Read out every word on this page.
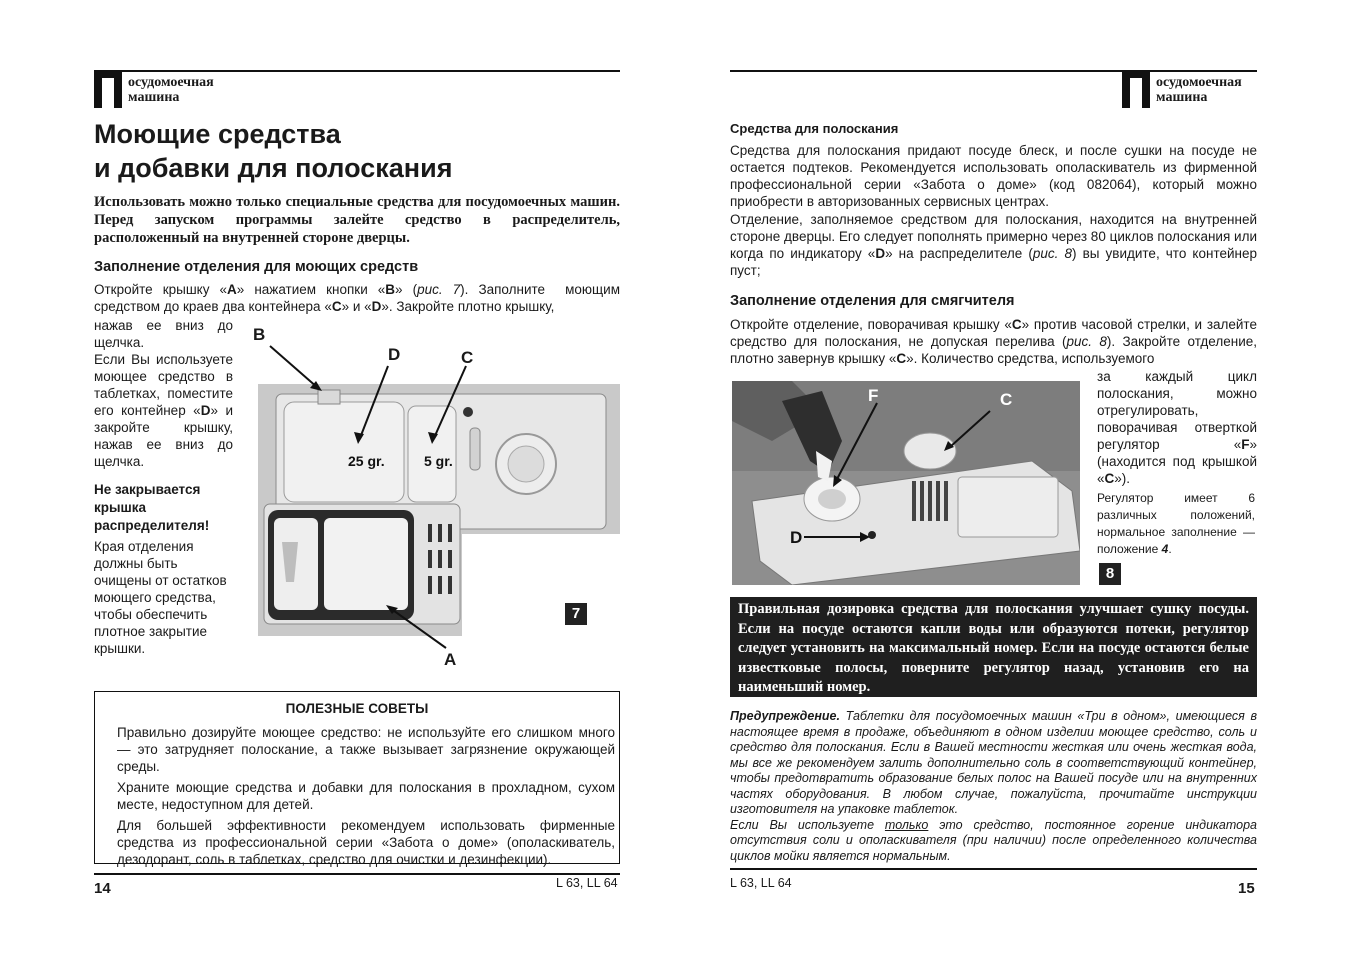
осудомоечная
машина
Моющие средства
и добавки для полоскания
Использовать можно только специальные средства для посудомоечных машин. Перед запуском программы залейте средство в распределитель, расположенный на внутренней стороне дверцы.
Заполнение отделения для моющих средств
Откройте крышку «A» нажатием кнопки «B» (рис. 7). Заполните  моющим средством до краев два контейнера «C» и «D». Закройте плотно крышку,
нажав ее вниз до щелчка.
Если Вы используете моющее средство в таблетках, поместите его контейнер «D» и закройте крышку, нажав ее вниз до щелчка.
Не закрывается крышка распределителя!
Края отделения должны быть очищены от остатков моющего средства, чтобы обеспечить плотное закрытие крышки.
25 gr.	5 gr.
B
D	C
A
7
ПОЛЕЗНЫЕ СОВЕТЫ

Правильно дозируйте моющее средство: не используйте его слишком много — это затрудняет полоскание, а также вызывает загрязнение окружающей среды.

Храните моющие средства и добавки для полоскания в прохладном, сухом месте, недоступном для детей.

Для большей эффективности рекомендуем использовать фирменные средства из профессиональной серии «Забота о доме» (ополаскиватель, дезодорант, соль в таблетках, средство для очистки и дезинфекции).

14	L 63, LL 64
осудомоечная
машина
Средства для полоскания
Средства для полоскания придают посуде блеск, и после сушки на посуде не остается подтеков. Рекомендуется использовать ополаскиватель из фирменной профессиональной серии «Забота о доме» (код 082064), который можно приобрести в авторизованных сервисных центрах.
Отделение, заполняемое средством для полоскания, находится на внутренней стороне дверцы. Его следует пополнять примерно через 80 циклов полоскания или когда по индикатору «D» на распределителе (рис. 8) вы увидите, что контейнер пуст;
Заполнение отделения для смягчителя
Откройте отделение, поворачивая крышку «C» против часовой стрелки, и залейте средство для полоскания, не допуская перелива (рис. 8). Закройте отделение, плотно завернув крышку «C». Количество средства, используемого
за каждый цикл полоскания, можно отрегулировать, поворачивая отверткой регулятор «F» (находится под крышкой «C»).
Регулятор имеет 6 различных положений, нормальное заполнение — положение 4.
F	C
D
8
Правильная дозировка средства для полоскания улучшает сушку посуды. Если на посуде остаются капли воды или образуются потеки, регулятор следует установить на максимальный номер. Если на посуде остаются белые известковые полосы, поверните регулятор назад, установив его на наименьший номер.
Предупреждение. Таблетки для посудомоечных машин «Три в одном», имеющиеся в настоящее время в продаже, объединяют в одном изделии моющее средство, соль и средство для полоскания. Если в Вашей местности жесткая или очень жесткая вода, мы все же рекомендуем залить дополнительно соль в соответствующий контейнер, чтобы предотвратить образование белых полос на Вашей посуде или на внутренних частях оборудования. В любом случае, пожалуйста, прочитайте инструкции изготовителя на упаковке таблеток.
Если Вы используете только это средство, постоянное горение индикатора отсутствия соли и ополаскивателя (при наличии) после определенного количества циклов мойки является нормальным.
L 63, LL 64	15
